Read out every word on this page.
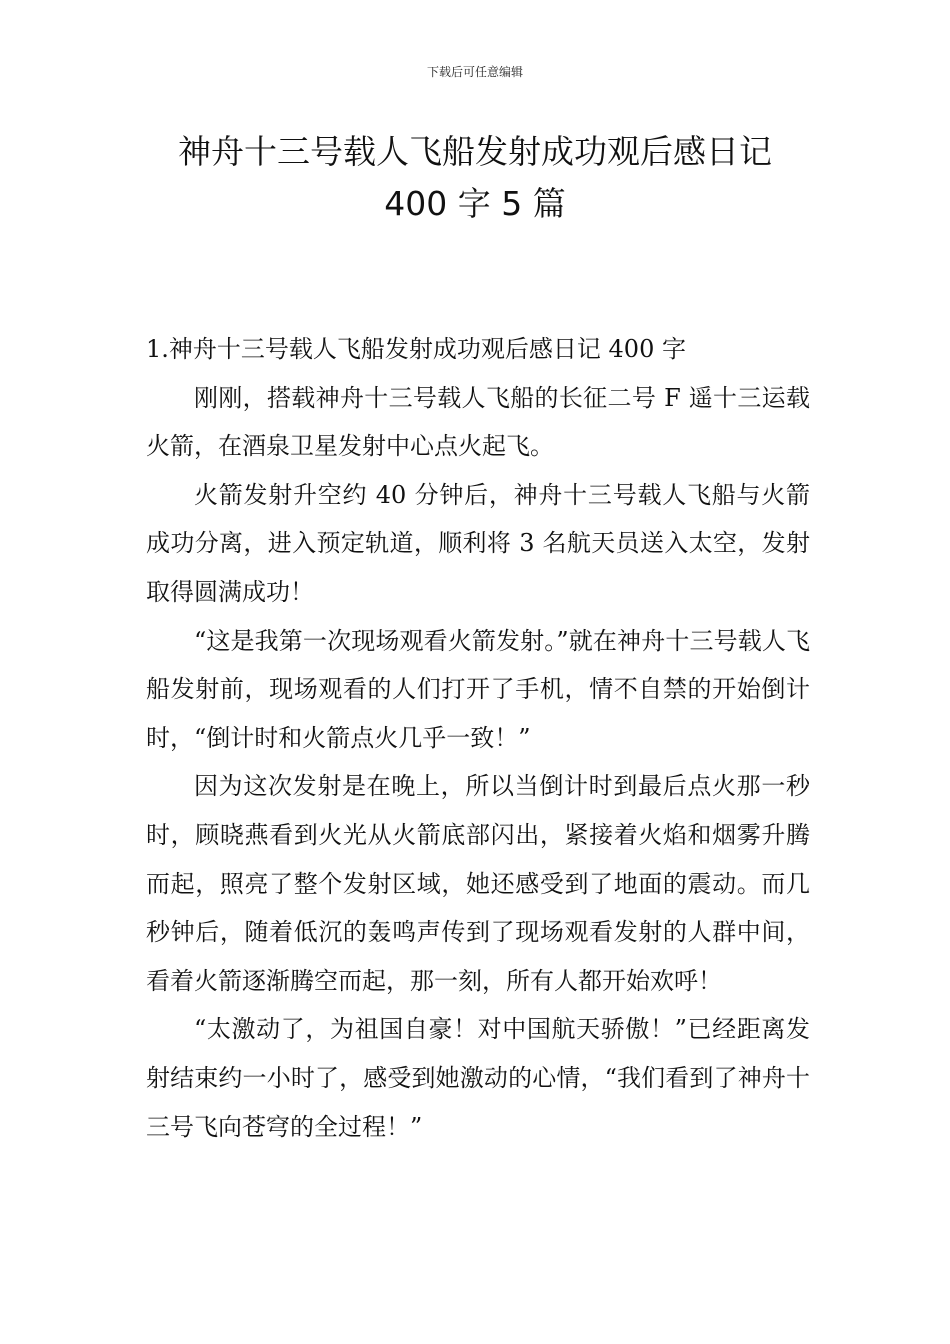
下载后可任意编辑
神舟十三号载人飞船发射成功观后感日记
400 字 5 篇

1.神舟十三号载人飞船发射成功观后感日记 400 字

刚刚，搭载神舟十三号载人飞船的长征二号 F 遥十三运载火箭，在酒泉卫星发射中心点火起飞。

火箭发射升空约 40 分钟后，神舟十三号载人飞船与火箭成功分离，进入预定轨道，顺利将 3 名航天员送入太空，发射取得圆满成功！

“这是我第一次现场观看火箭发射。”就在神舟十三号载人飞船发射前，现场观看的人们打开了手机，情不自禁的开始倒计时，“倒计时和火箭点火几乎一致！”

因为这次发射是在晚上，所以当倒计时到最后点火那一秒时，顾晓燕看到火光从火箭底部闪出，紧接着火焰和烟雾升腾而起，照亮了整个发射区域，她还感受到了地面的震动。而几秒钟后，随着低沉的轰鸣声传到了现场观看发射的人群中间，看着火箭逐渐腾空而起，那一刻，所有人都开始欢呼！

“太激动了，为祖国自豪！对中国航天骄傲！”已经距离发射结束约一小时了，感受到她激动的心情，“我们看到了神舟十三号飞向苍穹的全过程！”
